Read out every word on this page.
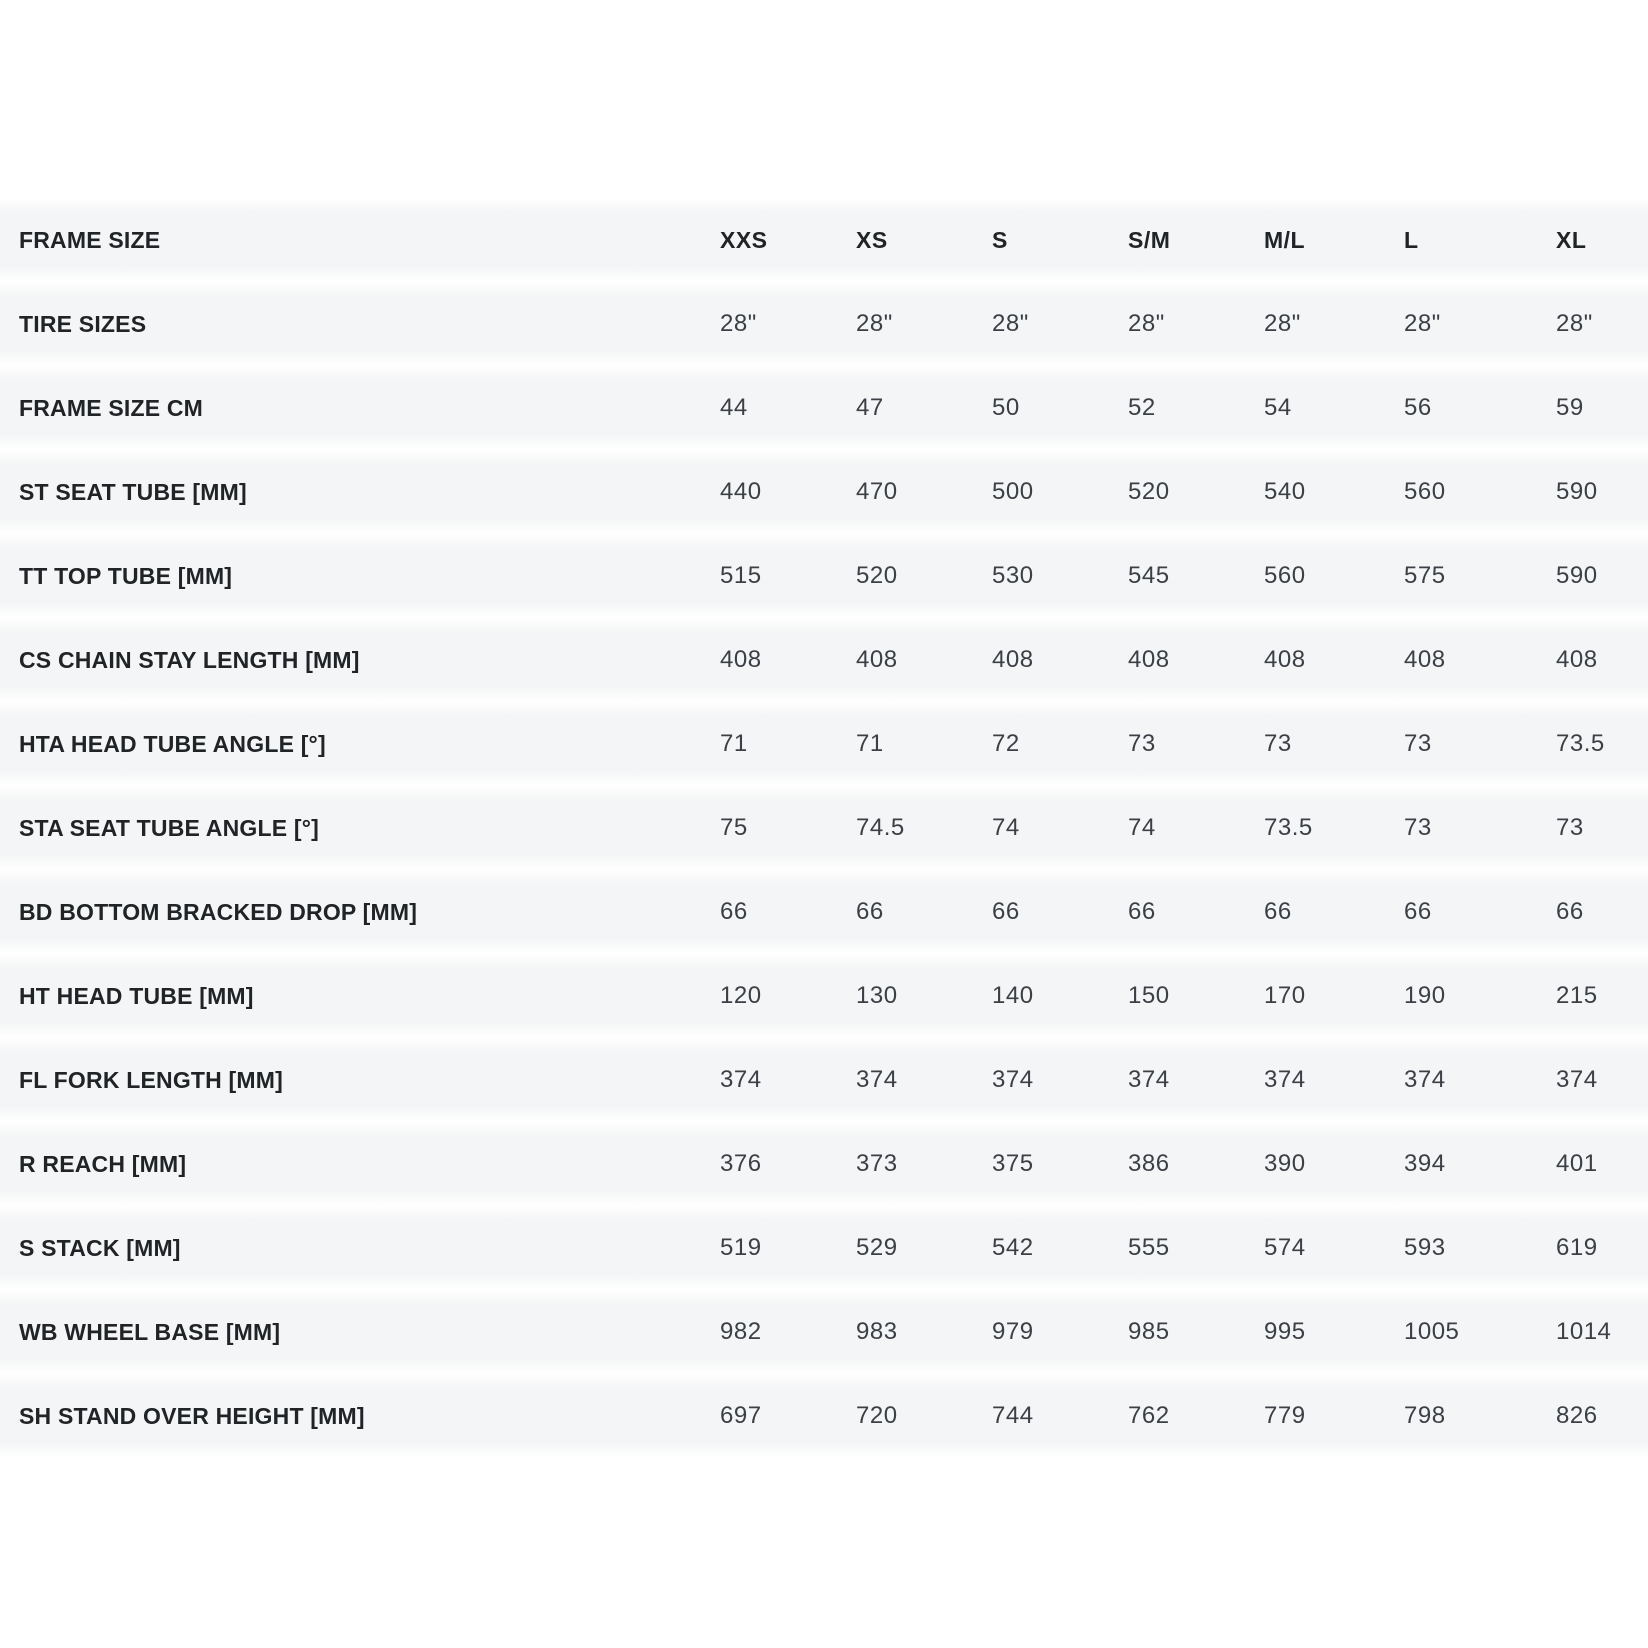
FRAME SIZE	XXS	XS	S	S/M	M/L	L	XL
TIRE SIZES	28"	28"	28"	28"	28"	28"	28"
FRAME SIZE CM	44	47	50	52	54	56	59
ST SEAT TUBE [MM]	440	470	500	520	540	560	590
TT TOP TUBE [MM]	515	520	530	545	560	575	590
CS CHAIN STAY LENGTH [MM]	408	408	408	408	408	408	408
HTA HEAD TUBE ANGLE [°]	71	71	72	73	73	73	73.5
STA SEAT TUBE ANGLE [°]	75	74.5	74	74	73.5	73	73
BD BOTTOM BRACKED DROP [MM]	66	66	66	66	66	66	66
HT HEAD TUBE [MM]	120	130	140	150	170	190	215
FL FORK LENGTH [MM]	374	374	374	374	374	374	374
R REACH [MM]	376	373	375	386	390	394	401
S STACK [MM]	519	529	542	555	574	593	619
WB WHEEL BASE [MM]	982	983	979	985	995	1005	1014
SH STAND OVER HEIGHT [MM]	697	720	744	762	779	798	826
